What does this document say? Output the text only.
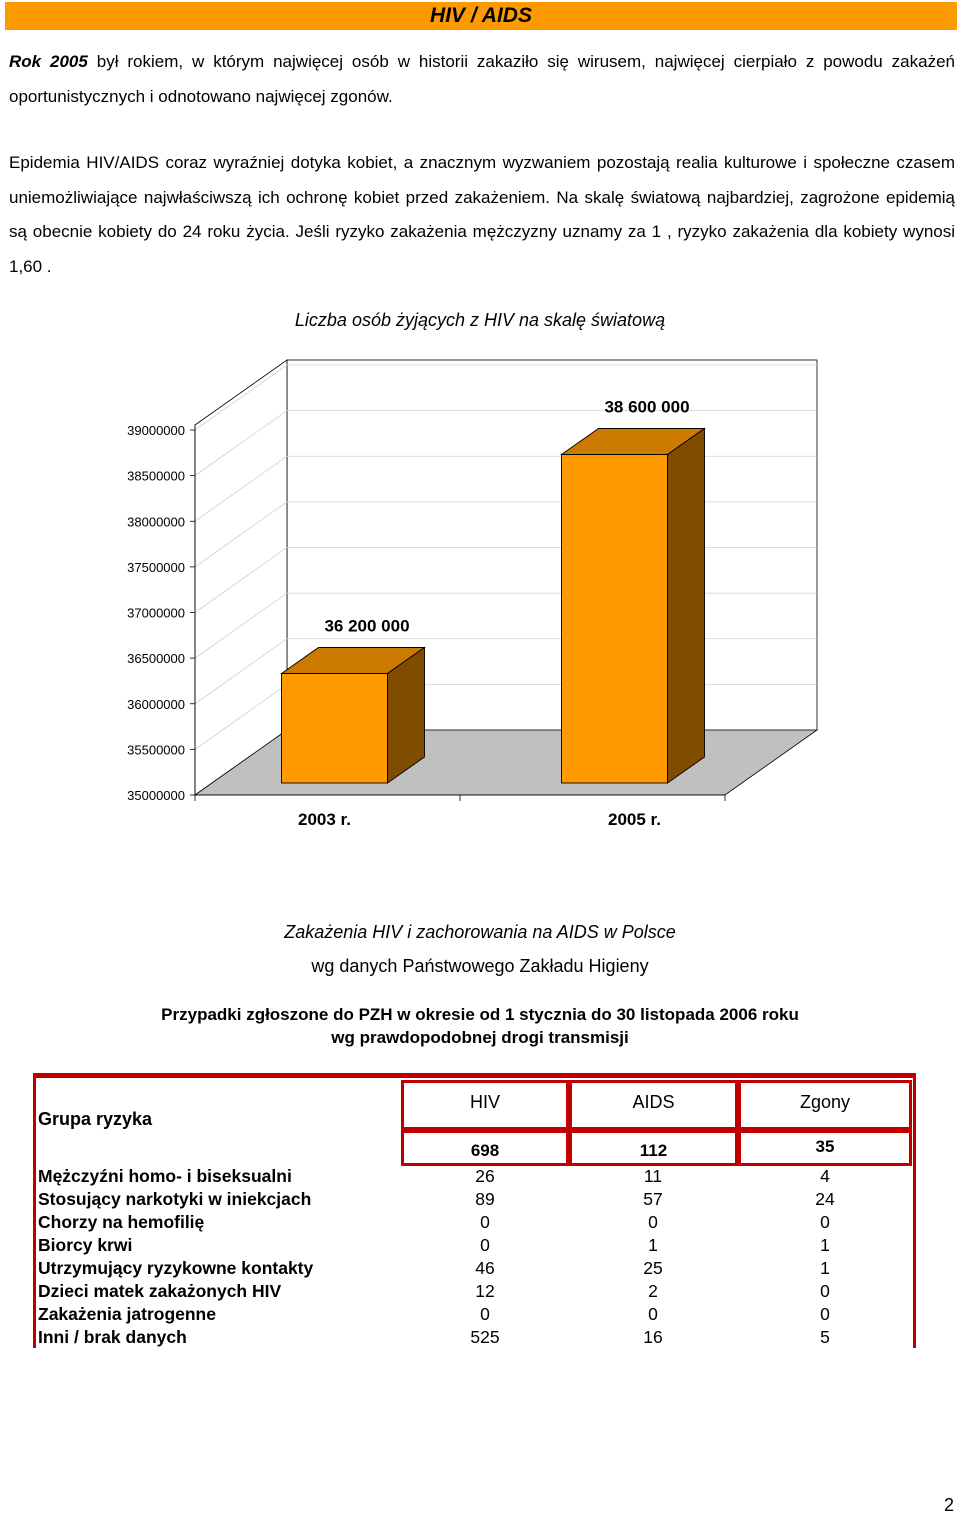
HIV / AIDS
Rok 2005 był rokiem, w którym najwięcej osób w historii zakaziło się wirusem, najwięcej cierpiało z powodu zakażeń oportunistycznych i odnotowano najwięcej zgonów.
Epidemia HIV/AIDS coraz wyraźniej dotyka kobiet, a znacznym wyzwaniem pozostają realia kulturowe i społeczne czasem uniemożliwiające najwłaściwszą ich ochronę kobiet przed zakażeniem. Na skalę światową najbardziej, zagrożone epidemią są obecnie kobiety do 24 roku życia. Jeśli ryzyko zakażenia mężczyzny uznamy za 1 , ryzyko zakażenia dla kobiety wynosi 1,60 .
Liczba osób żyjących z HIV na skalę światową
35000000
35500000
36000000
36500000
37000000
37500000
38000000
38500000
39000000
36 200 000
2003 r.
38 600 000
2005 r.
Zakażenia HIV i zachorowania na AIDS w Polsce
wg danych Państwowego Zakładu Higieny
Przypadki zgłoszone do PZH w okresie od 1 stycznia do 30 listopada 2006 roku
wg prawdopodobnej drogi transmisji
Grupa ryzyka
HIV	AIDS	Zgony
698	112	35
Mężczyźni homo- i biseksualni	26	11	4
Stosujący narkotyki w iniekcjach	89	57	24
Chorzy na hemofilię	0	0	0
Biorcy krwi	0	1	1
Utrzymujący ryzykowne kontakty	46	25	1
Dzieci matek zakażonych HIV	12	2	0
Zakażenia jatrogenne	0	0	0
Inni / brak danych	525	16	5
2
